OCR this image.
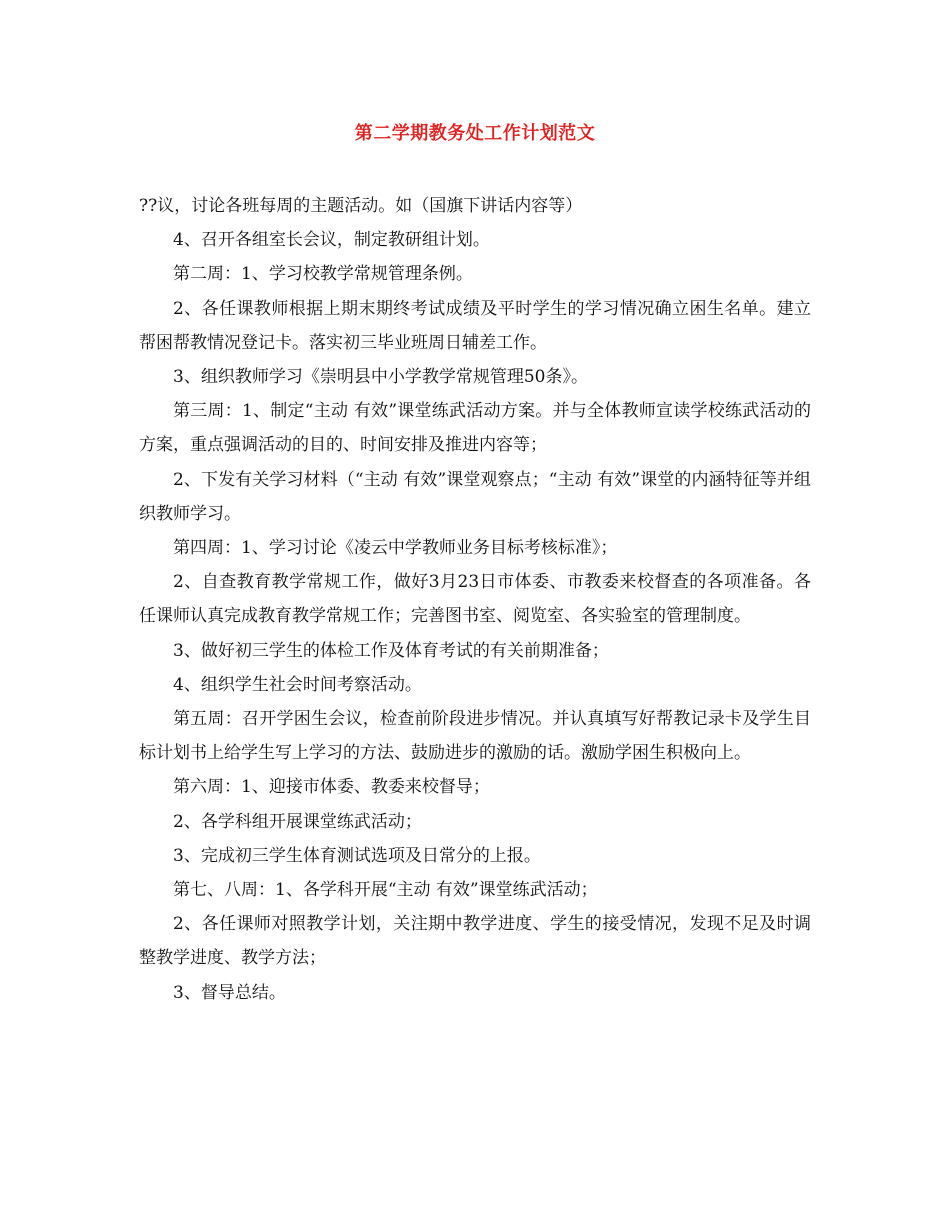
第二学期教务处工作计划范文

??议，讨论各班每周的主题活动。如（国旗下讲话内容等）

4、召开各组室长会议，制定教研组计划。

第二周：1、学习校教学常规管理条例。

2、各任课教师根据上期末期终考试成绩及平时学生的学习情况确立困生名单。建立帮困帮教情况登记卡。落实初三毕业班周日辅差工作。

3、组织教师学习《崇明县中小学教学常规管理50条》。

第三周：1、制定“主动 有效”课堂练武活动方案。并与全体教师宣读学校练武活动的方案，重点强调活动的目的、时间安排及推进内容等；

2、下发有关学习材料（“主动 有效”课堂观察点；“主动 有效”课堂的内涵特征等并组织教师学习。

第四周：1、学习讨论《凌云中学教师业务目标考核标准》；

2、自查教育教学常规工作，做好3月23日市体委、市教委来校督查的各项准备。各任课师认真完成教育教学常规工作；完善图书室、阅览室、各实验室的管理制度。

3、做好初三学生的体检工作及体育考试的有关前期准备；

4、组织学生社会时间考察活动。

第五周：召开学困生会议，检查前阶段进步情况。并认真填写好帮教记录卡及学生目标计划书上给学生写上学习的方法、鼓励进步的激励的话。激励学困生积极向上。

第六周：1、迎接市体委、教委来校督导；

2、各学科组开展课堂练武活动；

3、完成初三学生体育测试选项及日常分的上报。

第七、八周：1、各学科开展“主动 有效”课堂练武活动；

2、各任课师对照教学计划，关注期中教学进度、学生的接受情况，发现不足及时调整教学进度、教学方法；

3、督导总结。
